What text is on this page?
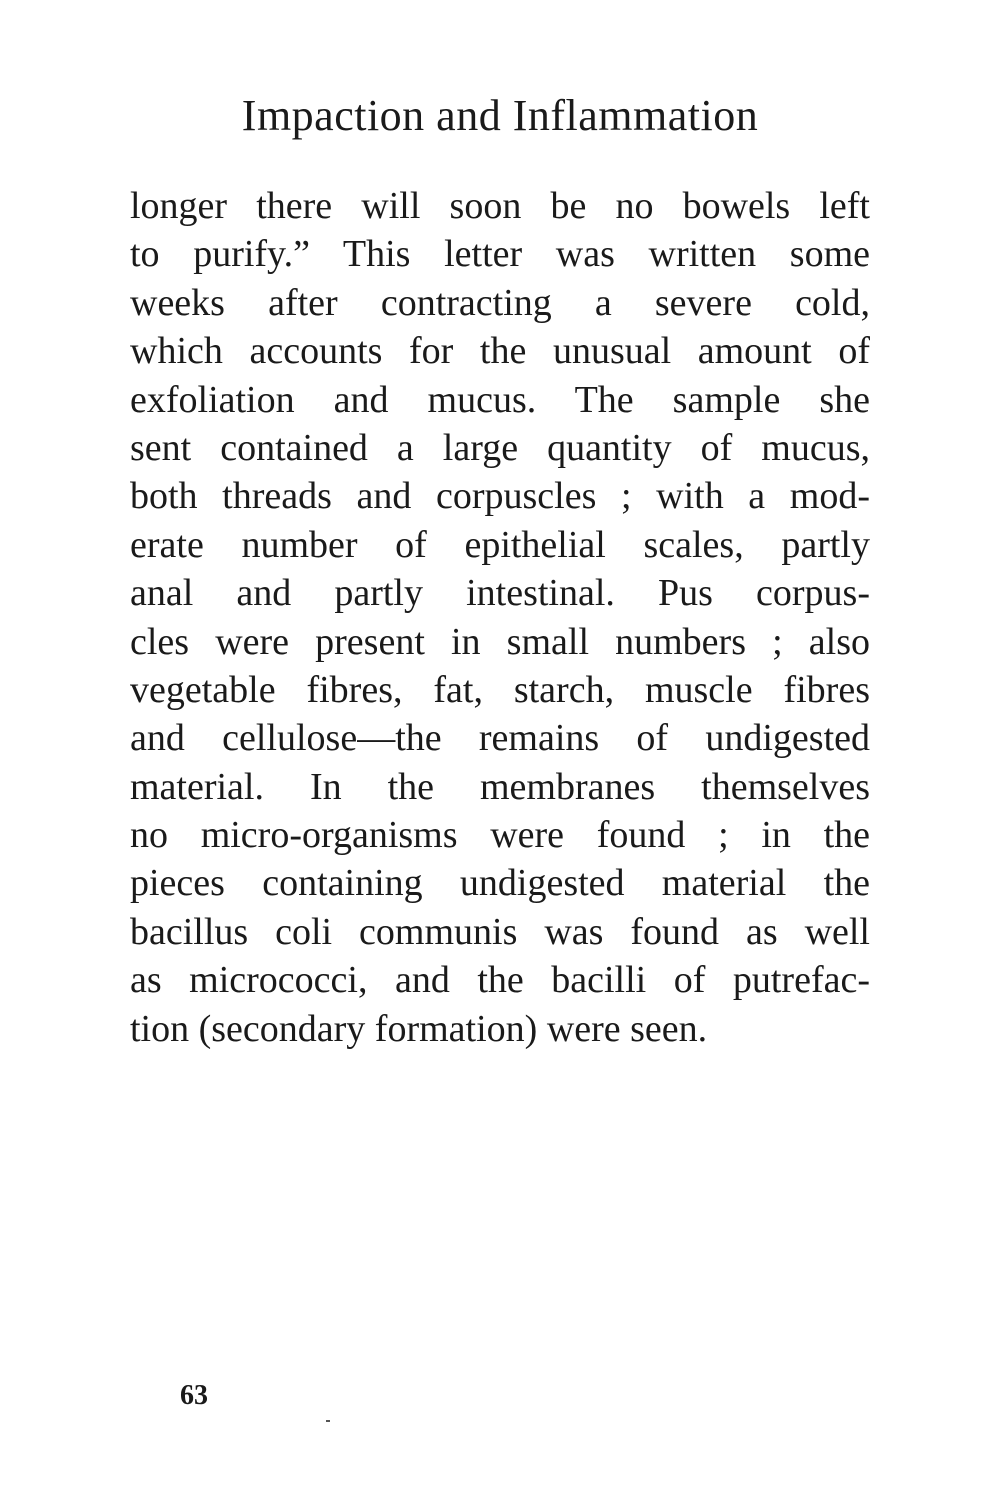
Impaction and Inflammation
longer there will soon be no bowels left
to purify.” This letter was written some
weeks after contracting a severe cold,
which accounts for the unusual amount of
exfoliation and mucus. The sample she
sent contained a large quantity of mucus,
both threads and corpuscles ; with a mod-
erate number of epithelial scales, partly
anal and partly intestinal. Pus corpus-
cles were present in small numbers ; also
vegetable fibres, fat, starch, muscle fibres
and cellulose—the remains of undigested
material. In the membranes themselves
no micro-organisms were found ; in the
pieces containing undigested material the
bacillus coli communis was found as well
as micrococci, and the bacilli of putrefac-
tion (secondary formation) were seen.
63
